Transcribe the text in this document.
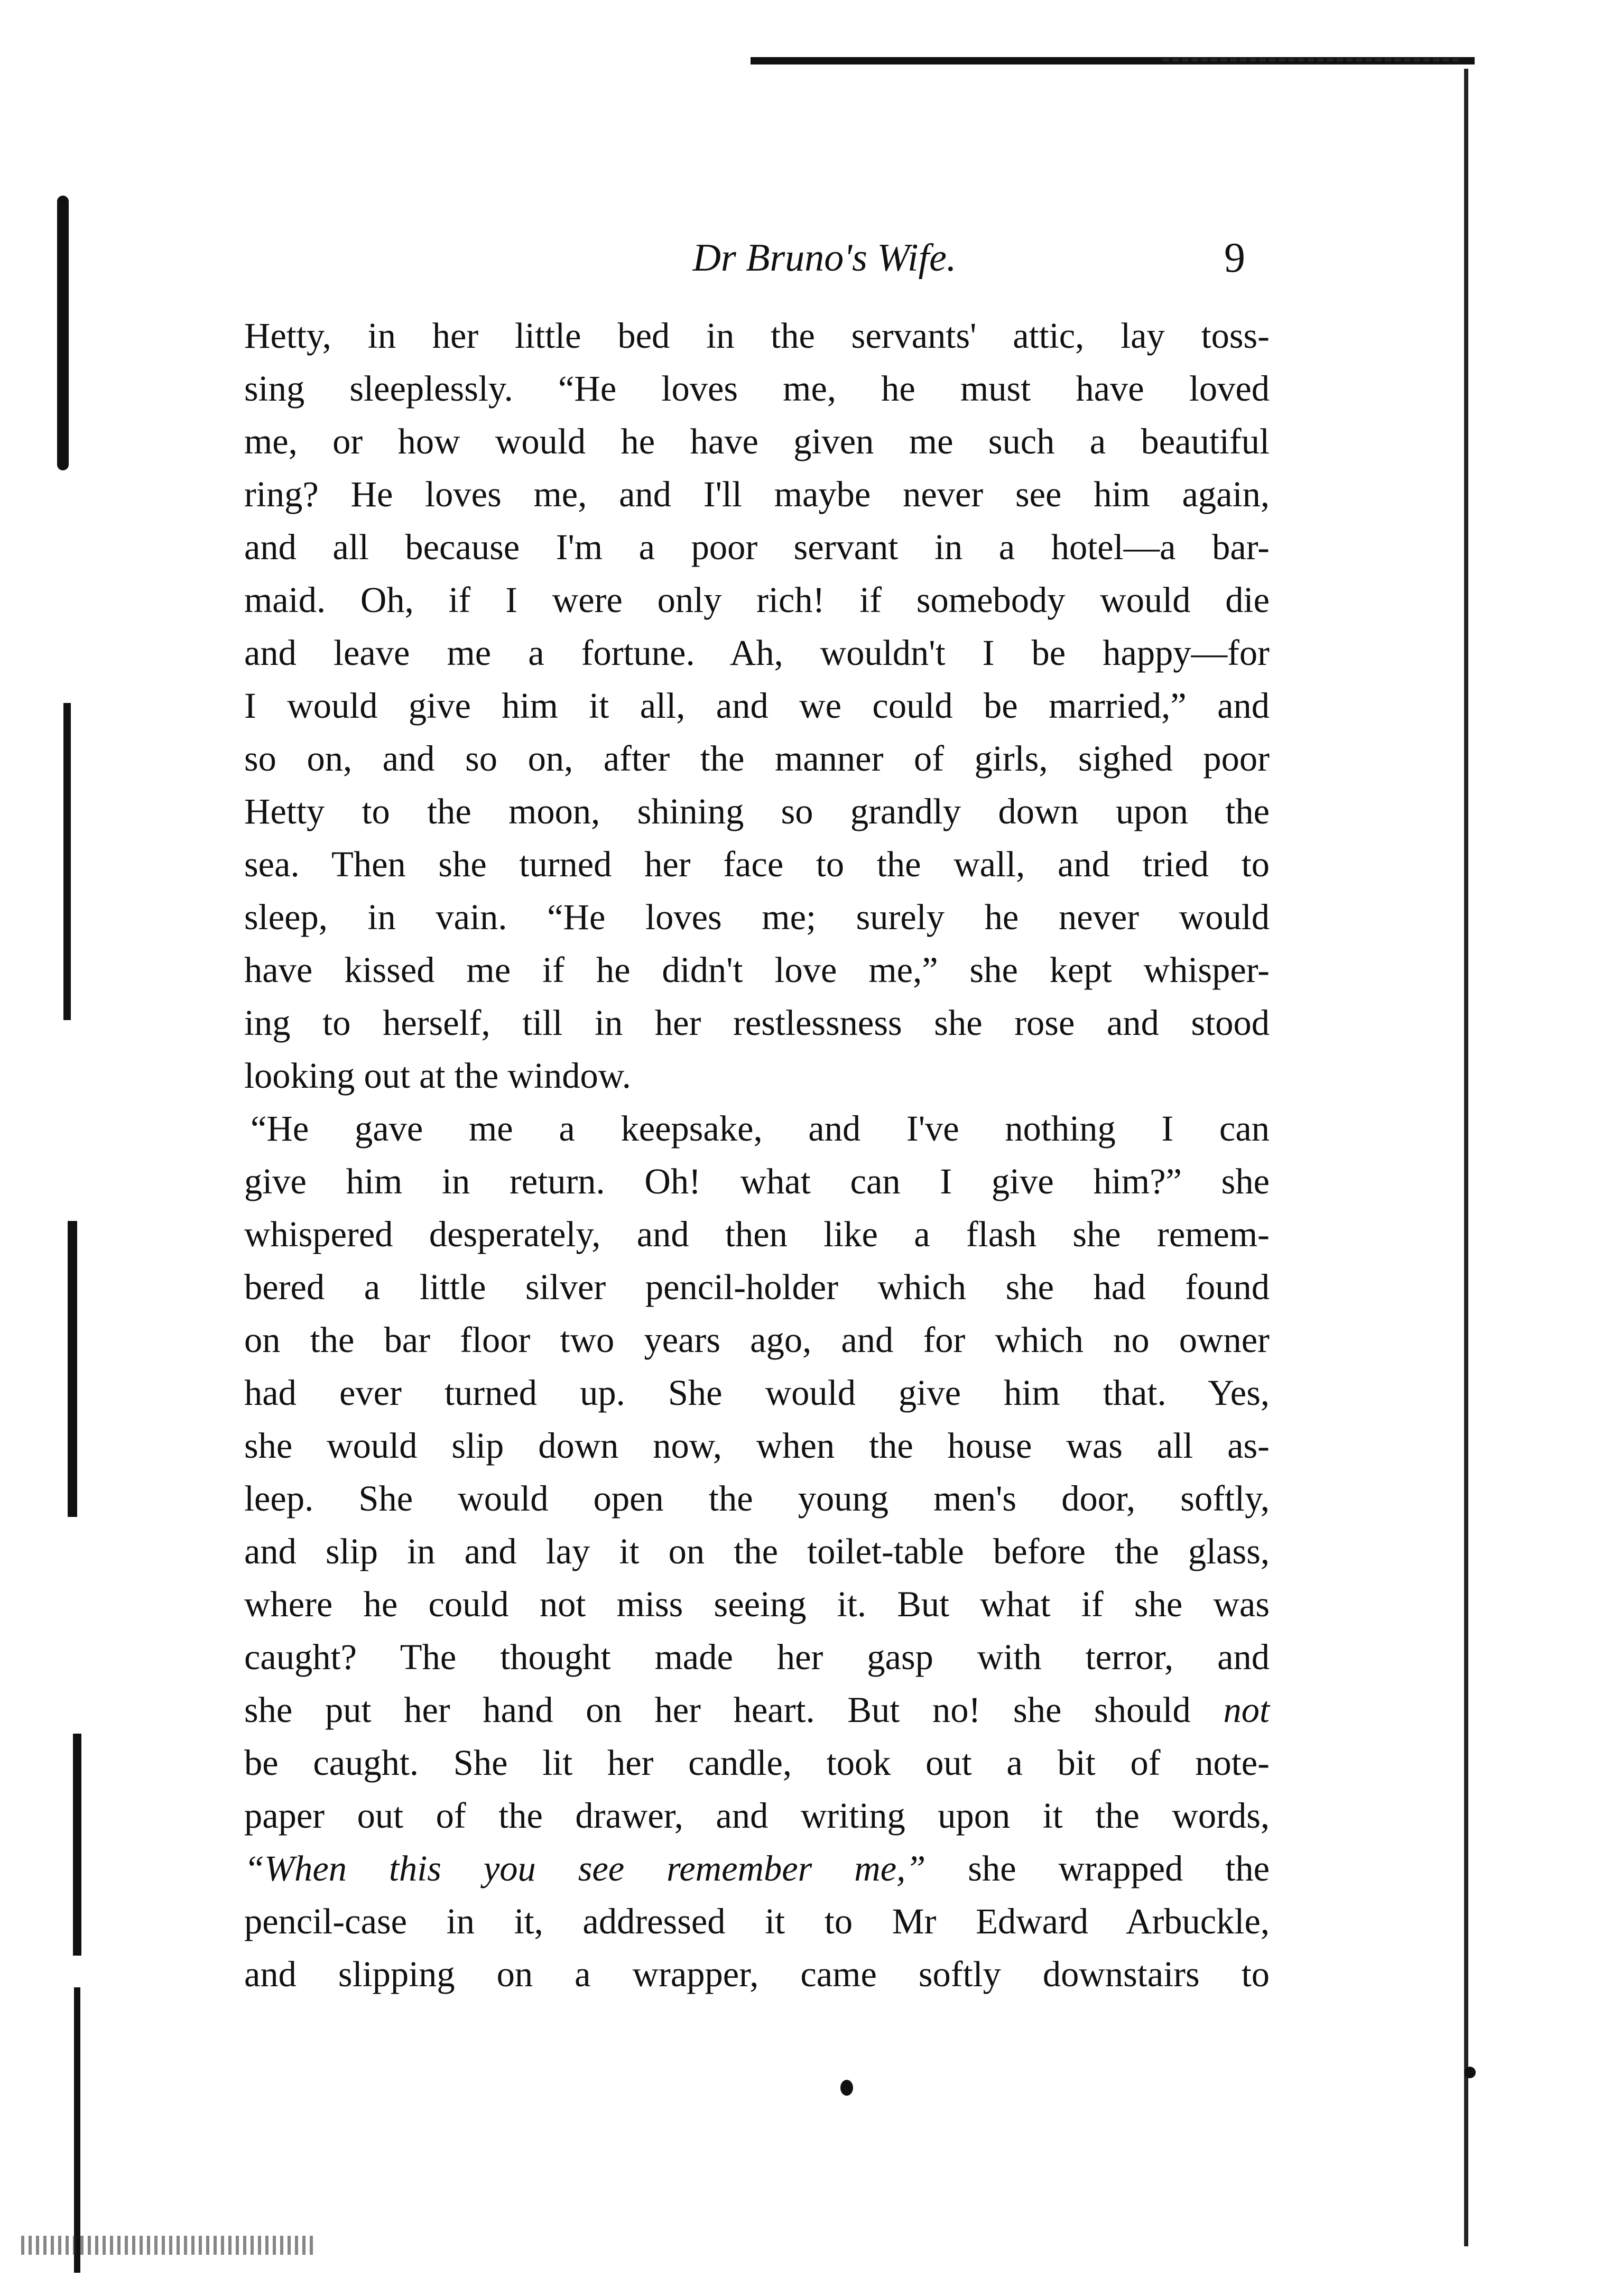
Dr Bruno's Wife.	9
Hetty, in her little bed in the servants' attic, lay toss-
sing sleeplessly. “He loves me, he must have loved
me, or how would he have given me such a beautiful
ring? He loves me, and I'll maybe never see him again,
and all because I'm a poor servant in a hotel—a bar-
maid. Oh, if I were only rich! if somebody would die
and leave me a fortune. Ah, wouldn't I be happy—for
I would give him it all, and we could be married,” and
so on, and so on, after the manner of girls, sighed poor
Hetty to the moon, shining so grandly down upon the
sea. Then she turned her face to the wall, and tried to
sleep, in vain. “He loves me; surely he never would
have kissed me if he didn't love me,” she kept whisper-
ing to herself, till in her restlessness she rose and stood
looking out at the window.
“He gave me a keepsake, and I've nothing I can
give him in return. Oh! what can I give him?” she
whispered desperately, and then like a flash she remem-
bered a little silver pencil-holder which she had found
on the bar floor two years ago, and for which no owner
had ever turned up. She would give him that. Yes,
she would slip down now, when the house was all as-
leep. She would open the young men's door, softly,
and slip in and lay it on the toilet-table before the glass,
where he could not miss seeing it. But what if she was
caught? The thought made her gasp with terror, and
she put her hand on her heart. But no! she should not
be caught. She lit her candle, took out a bit of note-
paper out of the drawer, and writing upon it the words,
“When this you see remember me,” she wrapped the
pencil-case in it, addressed it to Mr Edward Arbuckle,
and slipping on a wrapper, came softly downstairs to
